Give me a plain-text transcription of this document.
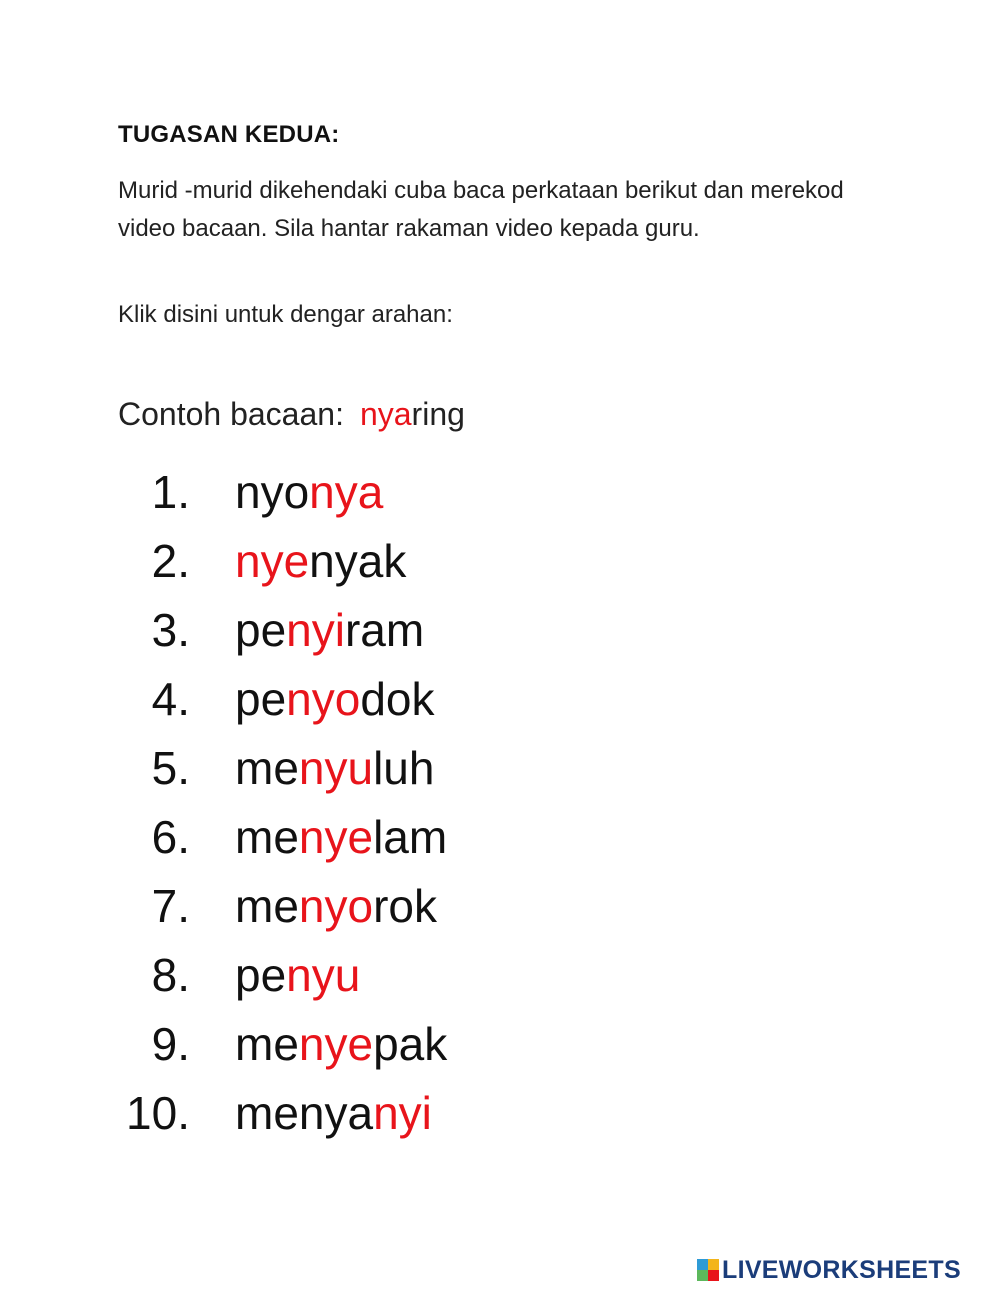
TUGASAN KEDUA:
Murid -murid dikehendaki cuba baca perkataan berikut dan merekod video bacaan. Sila hantar rakaman video kepada guru.
Klik disini untuk dengar arahan:
Contoh bacaan: nyaring
1. nyonya
2. nyenyak
3. penyiram
4. penyodok
5. menyuluh
6. menyelam
7. menyorok
8. penyu
9. menyepak
10. menyanyi
LIVEWORKSHEETS
